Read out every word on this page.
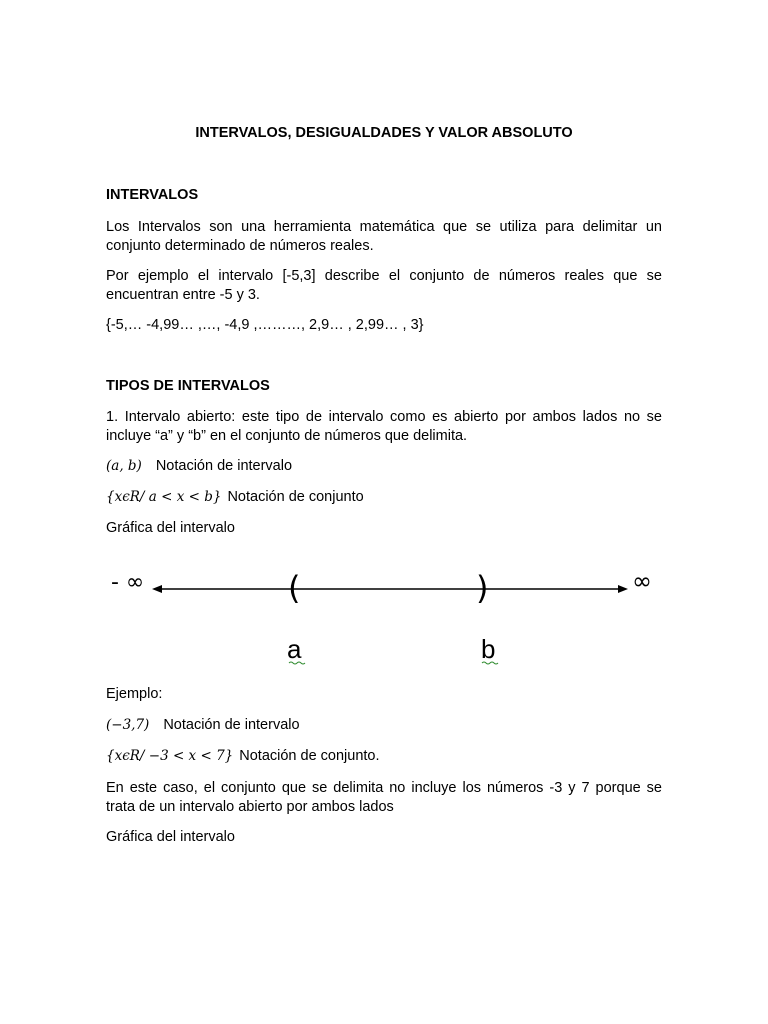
INTERVALOS, DESIGUALDADES Y VALOR ABSOLUTO
INTERVALOS
Los Intervalos son una herramienta matemática que se utiliza para delimitar un conjunto determinado de números reales.
Por ejemplo el intervalo [-5,3] describe el conjunto de números reales que se encuentran entre -5 y 3.
{-5,… -4,99… ,…, -4,9 ,………, 2,9… , 2,99… , 3}
TIPOS DE INTERVALOS
1. Intervalo abierto: este tipo de intervalo como es abierto por ambos lados no se incluye “a” y “b” en el conjunto de números que delimita.
(a, b) Notación de intervalo
{xϵR/ a < x < b} Notación de conjunto
Gráfica del intervalo
- ∞	∞
(	)
a	b
Ejemplo:
(−3,7) Notación de intervalo
{xϵR/ −3 < x < 7} Notación de conjunto.
En este caso, el conjunto que se delimita no incluye los números -3 y 7 porque se trata de un intervalo abierto por ambos lados
Gráfica del intervalo
